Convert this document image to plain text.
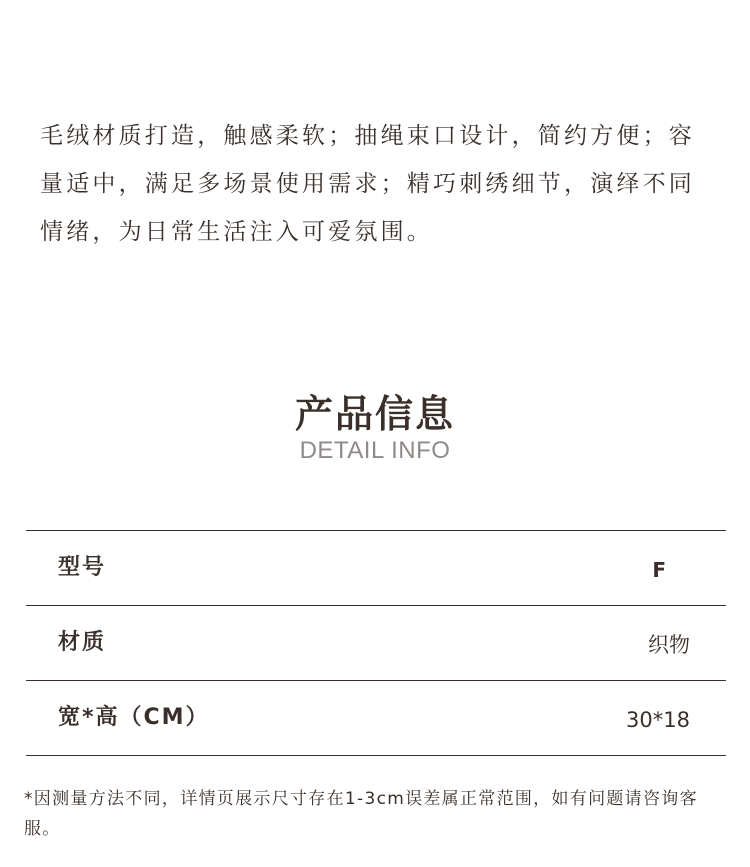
毛绒材质打造，触感柔软；抽绳束口设计，简约方便；容量适中，满足多场景使用需求；精巧刺绣细节，演绎不同情绪，为日常生活注入可爱氛围。

产品信息
DETAIL INFO
型号	F
材质	织物
宽*高（CM）	30*18

*因测量方法不同，详情页展示尺寸存在1-3cm误差属正常范围，如有问题请咨询客服。
